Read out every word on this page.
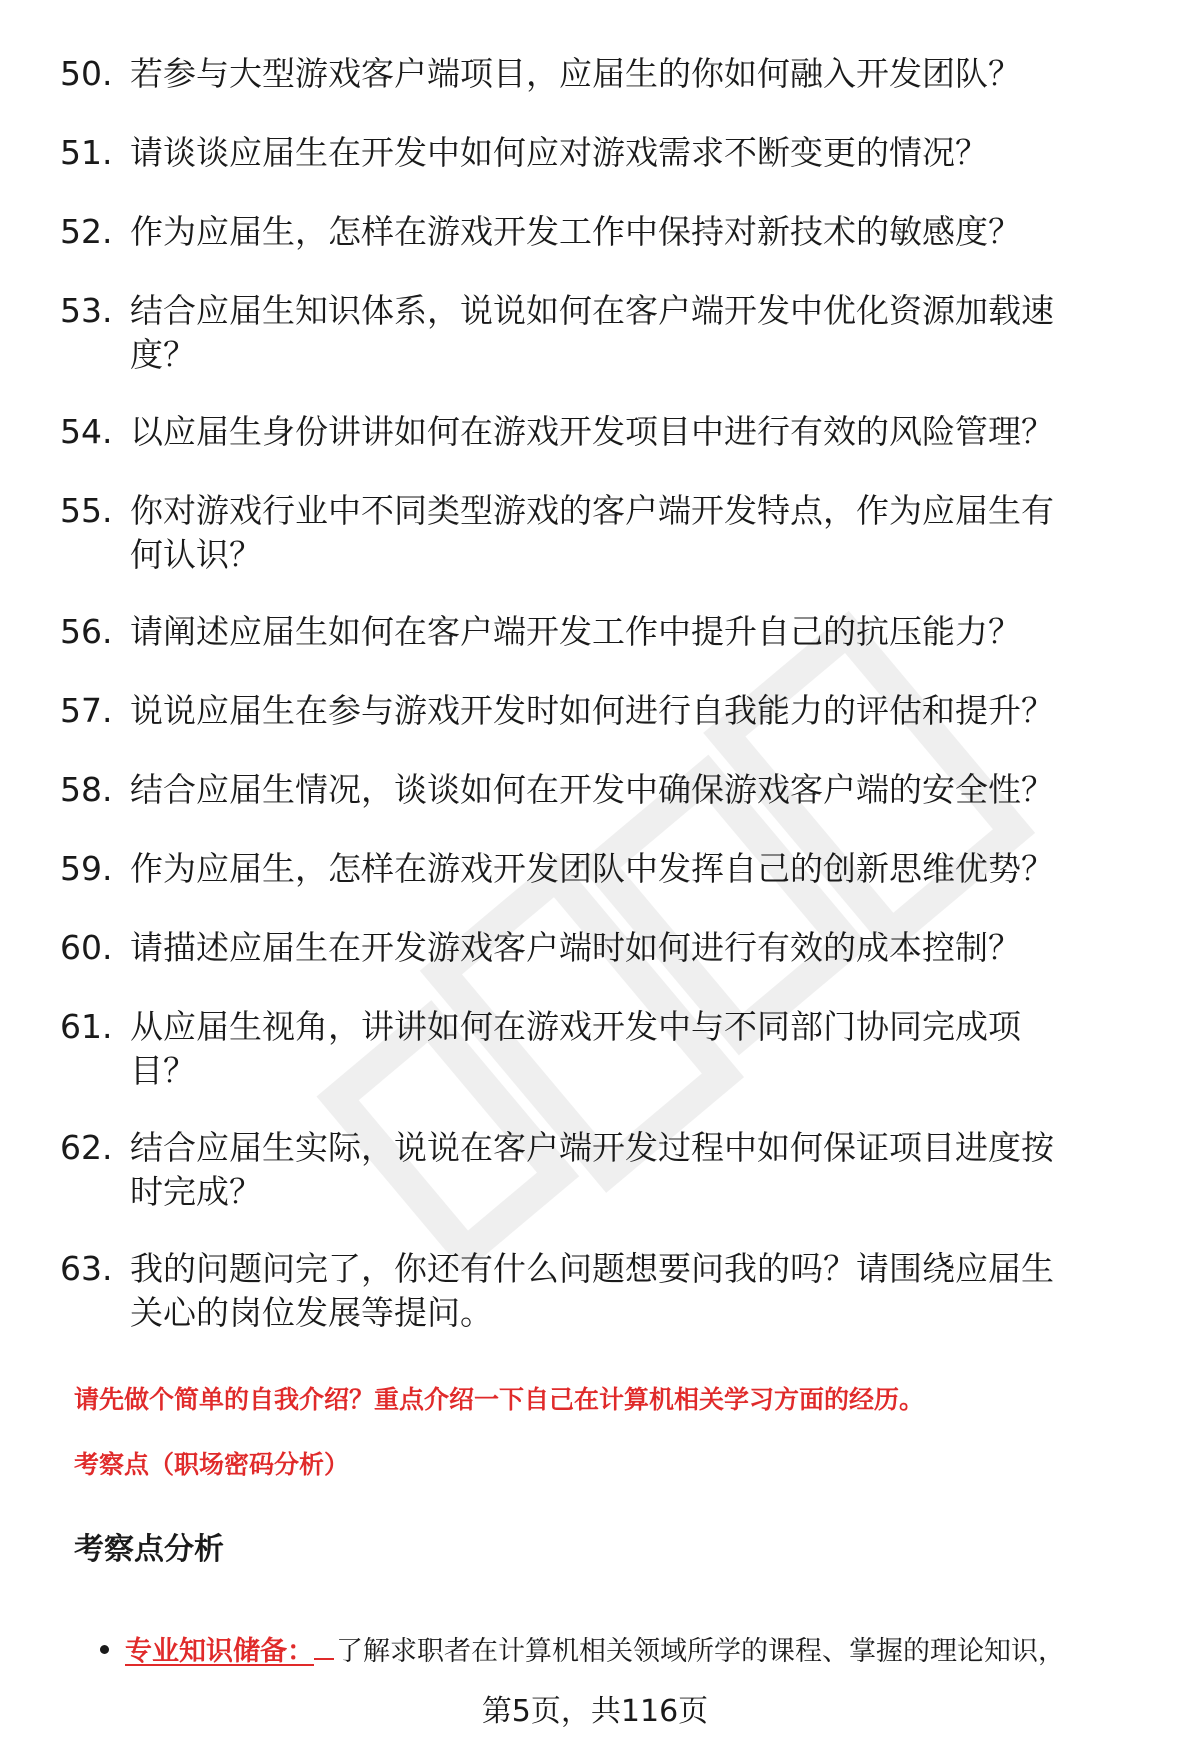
50. 若参与大型游戏客户端项目，应届生的你如何融入开发团队？
51. 请谈谈应届生在开发中如何应对游戏需求不断变更的情况？
52. 作为应届生，怎样在游戏开发工作中保持对新技术的敏感度？
53. 结合应届生知识体系，说说如何在客户端开发中优化资源加载速
度？
54. 以应届生身份讲讲如何在游戏开发项目中进行有效的风险管理？
55. 你对游戏行业中不同类型游戏的客户端开发特点，作为应届生有
何认识？
56. 请阐述应届生如何在客户端开发工作中提升自己的抗压能力？
57. 说说应届生在参与游戏开发时如何进行自我能力的评估和提升？
58. 结合应届生情况，谈谈如何在开发中确保游戏客户端的安全性？
59. 作为应届生，怎样在游戏开发团队中发挥自己的创新思维优势？
60. 请描述应届生在开发游戏客户端时如何进行有效的成本控制？
61. 从应届生视角，讲讲如何在游戏开发中与不同部门协同完成项
目？
62. 结合应届生实际，说说在客户端开发过程中如何保证项目进度按
时完成？
63. 我的问题问完了，你还有什么问题想要问我的吗？请围绕应届生
关心的岗位发展等提问。
请先做个简单的自我介绍？重点介绍一下自己在计算机相关学习方面的经历。
考察点（职场密码分析）
考察点分析
专业知识储备： 了解求职者在计算机相关领域所学的课程、掌握的理论知识，
第5页，共116页
